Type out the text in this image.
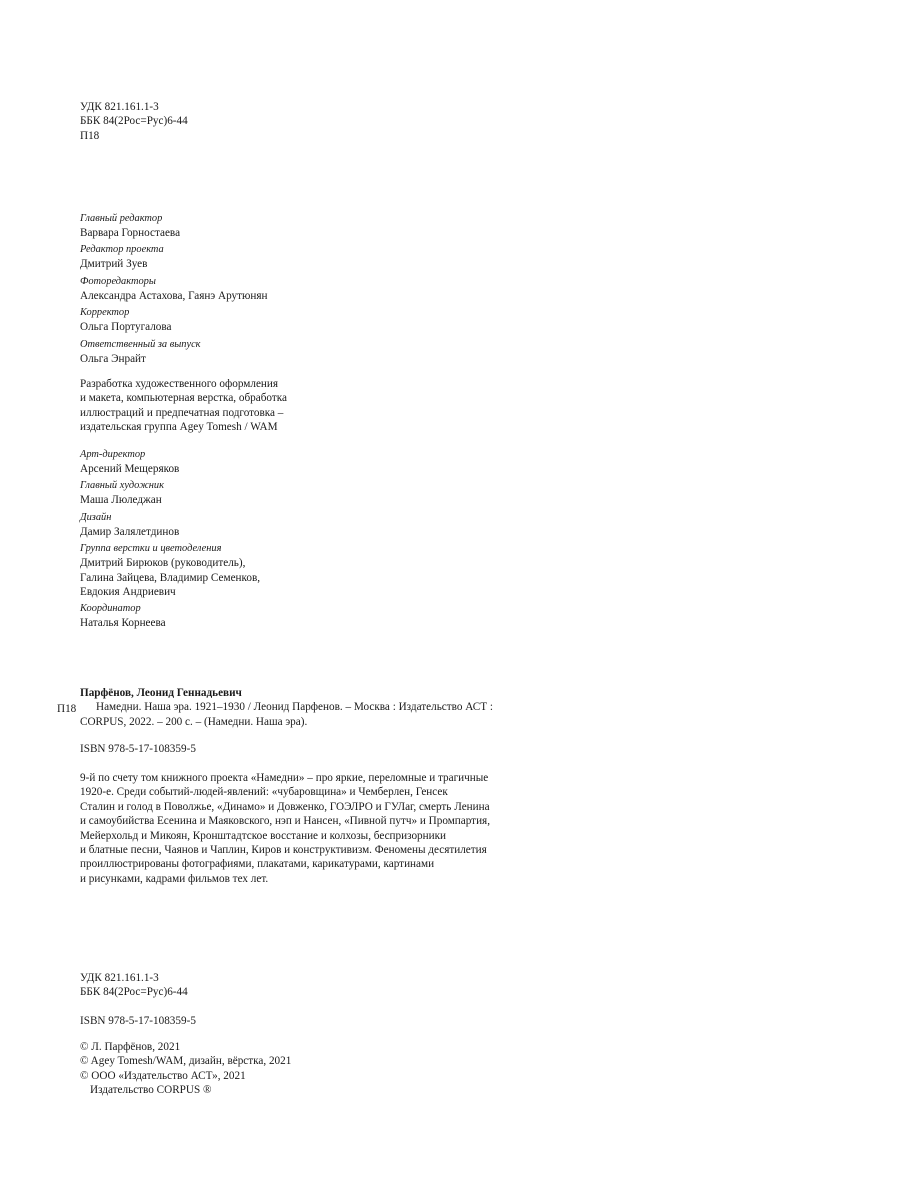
УДК 821.161.1-3
ББК 84(2Рос=Рус)6-44
П18
Главный редактор
Варвара Горностаева
Редактор проекта
Дмитрий Зуев
Фоторедакторы
Александра Астахова, Гаянэ Арутюнян
Корректор
Ольга Португалова
Ответственный за выпуск
Ольга Энрайт
Разработка художественного оформления
и макета, компьютерная верстка, обработка
иллюстраций и предпечатная подготовка –
издательская группа Agey Tomesh / WAM
Арт-директор
Арсений Мещеряков
Главный художник
Маша Люледжан
Дизайн
Дамир Залялетдинов
Группа верстки и цветоделения
Дмитрий Бирюков (руководитель),
Галина Зайцева, Владимир Семенков,
Евдокия Андриевич
Координатор
Наталья Корнеева
Парфёнов, Леонид Геннадьевич
Намедни. Наша эра. 1921–1930 / Леонид Парфенов. – Москва : Издательство АСТ :
CORPUS, 2022. – 200 с. – (Намедни. Наша эра).
П18
ISBN 978-5-17-108359-5
9-й по счету том книжного проекта «Намедни» – про яркие, переломные и трагичные
1920-е. Среди событий-людей-явлений: «чубаровщина» и Чемберлен, Генсек
Сталин и голод в Поволжье, «Динамо» и Довженко, ГОЭЛРО и ГУЛаг, смерть Ленина
и самоубийства Есенина и Маяковского, нэп и Нансен, «Пивной путч» и Промпартия,
Мейерхольд и Микоян, Кронштадтское восстание и колхозы, беспризорники
и блатные песни, Чаянов и Чаплин, Киров и конструктивизм. Феномены десятилетия
проиллюстрированы фотографиями, плакатами, карикатурами, картинами
и рисунками, кадрами фильмов тех лет.
УДК 821.161.1-3
ББК 84(2Рос=Рус)6-44
ISBN 978-5-17-108359-5
© Л. Парфёнов, 2021
© Agey Tomesh/WAM, дизайн, вёрстка, 2021
© ООО «Издательство АСТ», 2021
Издательство CORPUS ®
